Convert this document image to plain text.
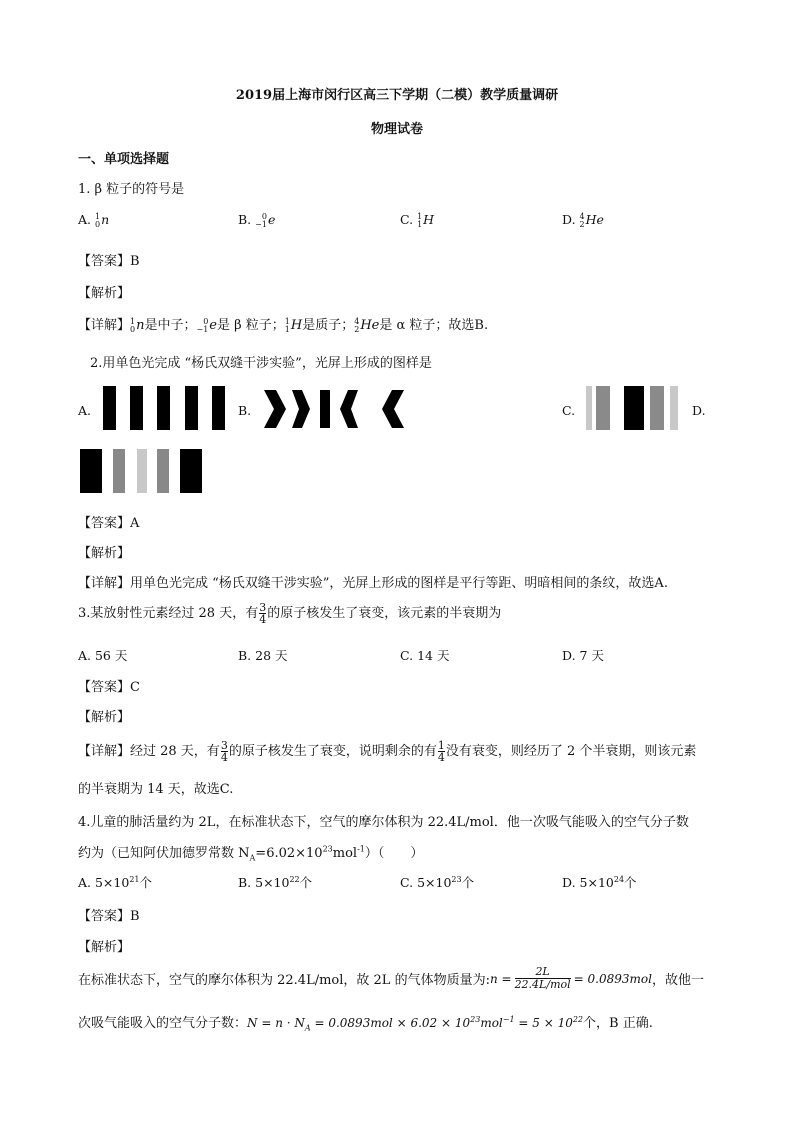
2019届上海市闵行区高三下学期（二模）教学质量调研
物理试卷
一、单项选择题
1. β 粒子的符号是
A. 1
0 n	B.	0
−1 e	C. 1
1 H	D. 4
2 He
【答案】B
【解析】
【详解】 1
0 n是中子； 0
−1 e是 β 粒子； 1
1 H是质子； 4
2 He是 α 粒子；故选B.
2.用单色光完成 “杨氏双缝干涉实验”，光屏上形成的图样是
A.	B.	C.	D.
【答案】A
【解析】
【详解】用单色光完成 “杨氏双缝干涉实验”，光屏上形成的图样是平行等距、明暗相间的条纹，故选A.
3.某放射性元素经过 28 天，有 $\frac{3}{4}$ 的原子核发生了衰变，该元素的半衰期为
A. 56 天	B. 28 天	C. 14 天	D. 7 天
【答案】C
【解析】
【详解】经过 28 天，有 $\frac{3}{4}$ 的原子核发生了衰变，说明剩余的有 $\frac{1}{4}$ 没有衰变，则经历了 2 个半衰期，则该元素
的半衰期为 14 天，故选C.
4.儿童的肺活量约为 2L，在标准状态下，空气的摩尔体积为 22.4L/mol．他一次吸气能吸入的空气分子数
约为（已知阿伏加德罗常数 $N_A=6.02\times 10^{23}mol^{-1}$）（　　）
A. $5\times 10^{21}$个	B. $5\times 10^{22}$个	C. $5\times 10^{23}$个	D. $5\times 10^{24}$个
【答案】B
【解析】
在标准状态下，空气的摩尔体积为 22.4L/mol，故 2L 的气体物质量为: $n = \frac{2L}{\text{22.4L/mol}} = 0.0893mol$ ，故他一
次吸气能吸入的空气分子数：$N = n \cdot N_A = 0.0893mol \times 6.02 \times 10^{23}mol^{-1} = 5 \times 10^{22}$个，B 正确.
